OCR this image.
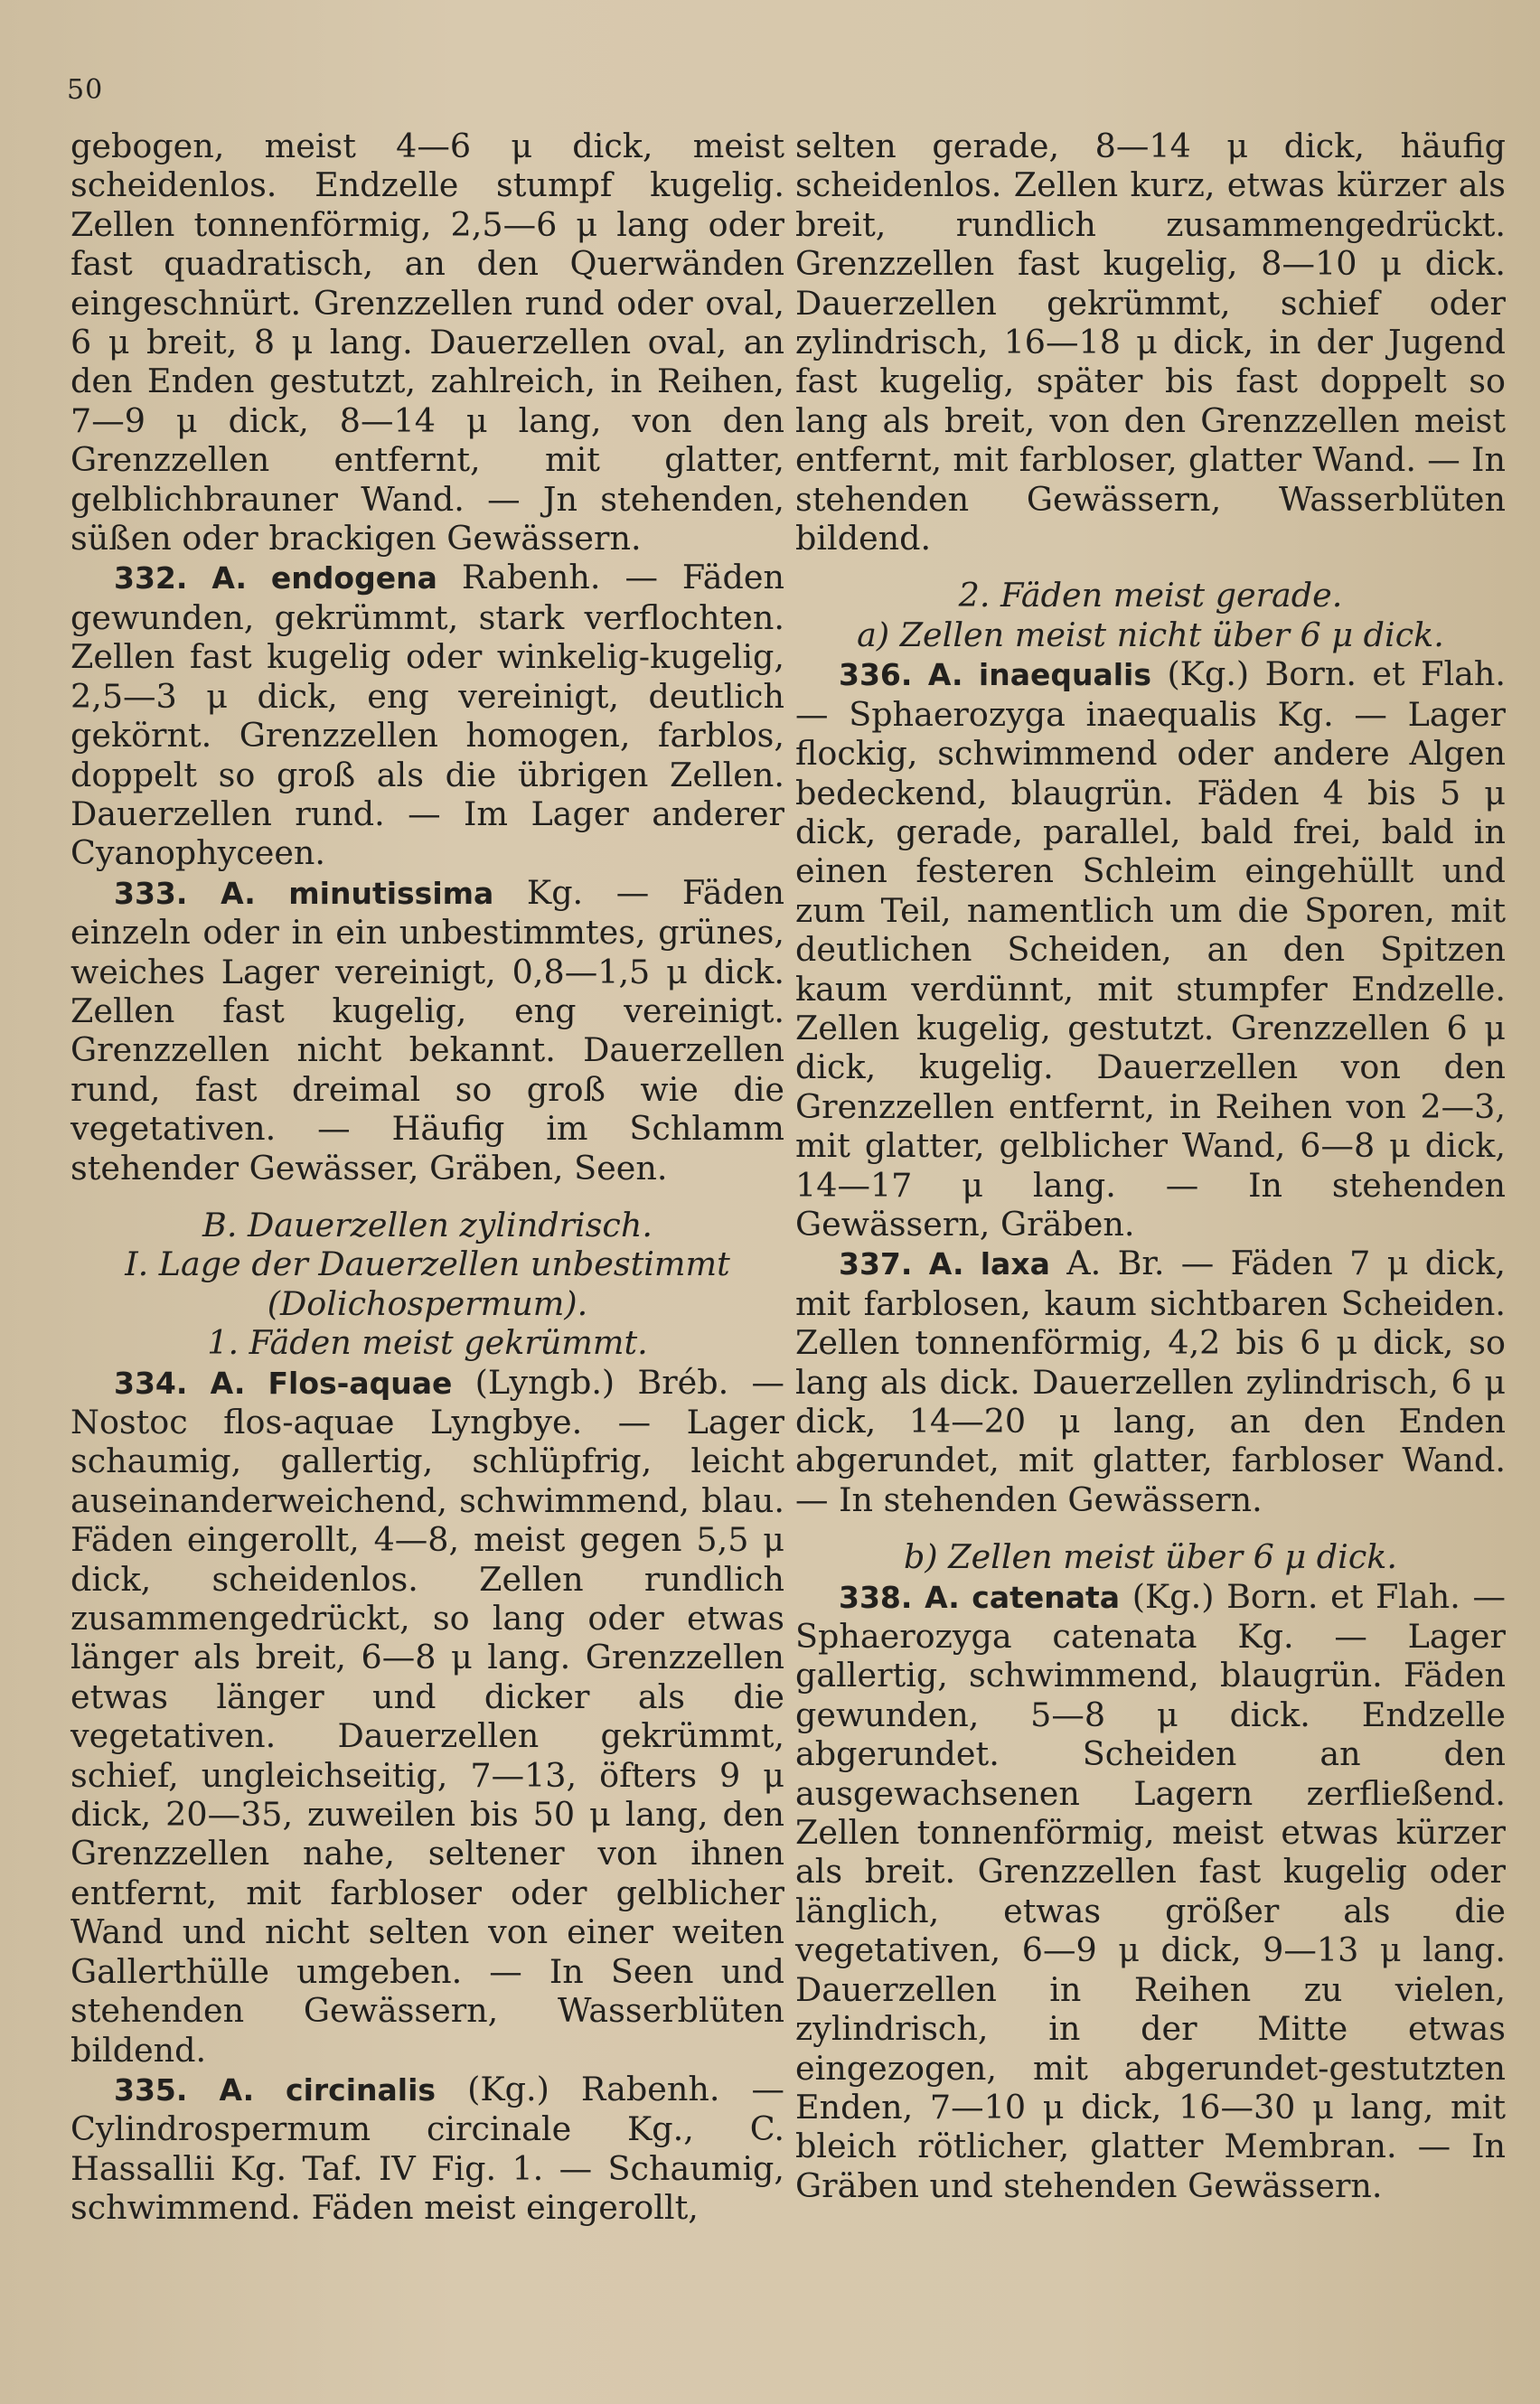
50

gebogen, meist 4—6 μ dick, meist scheidenlos. Endzelle stumpf kugelig. Zellen tonnenförmig, 2,5—6 μ lang oder fast quadratisch, an den Querwänden eingeschnürt. Grenzzellen rund oder oval, 6 μ breit, 8 μ lang. Dauerzellen oval, an den Enden gestutzt, zahlreich, in Reihen, 7—9 μ dick, 8—14 μ lang, von den Grenzzellen entfernt, mit glatter, gelblichbrauner Wand. — Jn stehenden, süßen oder brackigen Gewässern.

332. A. endogena Rabenh. — Fäden gewunden, gekrümmt, stark verflochten. Zellen fast kugelig oder winkelig-kugelig, 2,5—3 μ dick, eng vereinigt, deutlich gekörnt. Grenzzellen homogen, farblos, doppelt so groß als die übrigen Zellen. Dauerzellen rund. — Im Lager anderer Cyanophyceen.

333. A. minutissima Kg. — Fäden einzeln oder in ein unbestimmtes, grünes, weiches Lager vereinigt, 0,8—1,5 μ dick. Zellen fast kugelig, eng vereinigt. Grenzzellen nicht bekannt. Dauerzellen rund, fast dreimal so groß wie die vegetativen. — Häufig im Schlamm stehender Gewässer, Gräben, Seen.

B. Dauerzellen zylindrisch.

I. Lage der Dauerzellen unbestimmt

(Dolichospermum).

1. Fäden meist gekrümmt.

334. A. Flos-aquae (Lyngb.) Bréb. — Nostoc flos-aquae Lyngbye. — Lager schaumig, gallertig, schlüpfrig, leicht auseinanderweichend, schwimmend, blau. Fäden eingerollt, 4—8, meist gegen 5,5 μ dick, scheidenlos. Zellen rundlich zusammengedrückt, so lang oder etwas länger als breit, 6—8 μ lang. Grenzzellen etwas länger und dicker als die vegetativen. Dauerzellen gekrümmt, schief, ungleichseitig, 7—13, öfters 9 μ dick, 20—35, zuweilen bis 50 μ lang, den Grenzzellen nahe, seltener von ihnen entfernt, mit farbloser oder gelblicher Wand und nicht selten von einer weiten Gallerthülle umgeben. — In Seen und stehenden Gewässern, Wasserblüten bildend.

335. A. circinalis (Kg.) Rabenh. — Cylindrospermum circinale Kg., C. Hassallii Kg. Taf. IV Fig. 1. — Schaumig, schwimmend. Fäden meist eingerollt,

selten gerade, 8—14 μ dick, häufig scheidenlos. Zellen kurz, etwas kürzer als breit, rundlich zusammengedrückt. Grenzzellen fast kugelig, 8—10 μ dick. Dauerzellen gekrümmt, schief oder zylindrisch, 16—18 μ dick, in der Jugend fast kugelig, später bis fast doppelt so lang als breit, von den Grenzzellen meist entfernt, mit farbloser, glatter Wand. — In stehenden Gewässern, Wasserblüten bildend.

2. Fäden meist gerade.

a) Zellen meist nicht über 6 μ dick.

336. A. inaequalis (Kg.) Born. et Flah. — Sphaerozyga inaequalis Kg. — Lager flockig, schwimmend oder andere Algen bedeckend, blaugrün. Fäden 4 bis 5 μ dick, gerade, parallel, bald frei, bald in einen festeren Schleim eingehüllt und zum Teil, namentlich um die Sporen, mit deutlichen Scheiden, an den Spitzen kaum verdünnt, mit stumpfer Endzelle. Zellen kugelig, gestutzt. Grenzzellen 6 μ dick, kugelig. Dauerzellen von den Grenzzellen entfernt, in Reihen von 2—3, mit glatter, gelblicher Wand, 6—8 μ dick, 14—17 μ lang. — In stehenden Gewässern, Gräben.

337. A. laxa A. Br. — Fäden 7 μ dick, mit farblosen, kaum sichtbaren Scheiden. Zellen tonnenförmig, 4,2 bis 6 μ dick, so lang als dick. Dauerzellen zylindrisch, 6 μ dick, 14—20 μ lang, an den Enden abgerundet, mit glatter, farbloser Wand. — In stehenden Gewässern.

b) Zellen meist über 6 μ dick.

338. A. catenata (Kg.) Born. et Flah. — Sphaerozyga catenata Kg. — Lager gallertig, schwimmend, blaugrün. Fäden gewunden, 5—8 μ dick. Endzelle abgerundet. Scheiden an den ausgewachsenen Lagern zerfließend. Zellen tonnenförmig, meist etwas kürzer als breit. Grenzzellen fast kugelig oder länglich, etwas größer als die vegetativen, 6—9 μ dick, 9—13 μ lang. Dauerzellen in Reihen zu vielen, zylindrisch, in der Mitte etwas eingezogen, mit abgerundet-gestutzten Enden, 7—10 μ dick, 16—30 μ lang, mit bleich rötlicher, glatter Membran. — In Gräben und stehenden Gewässern.
